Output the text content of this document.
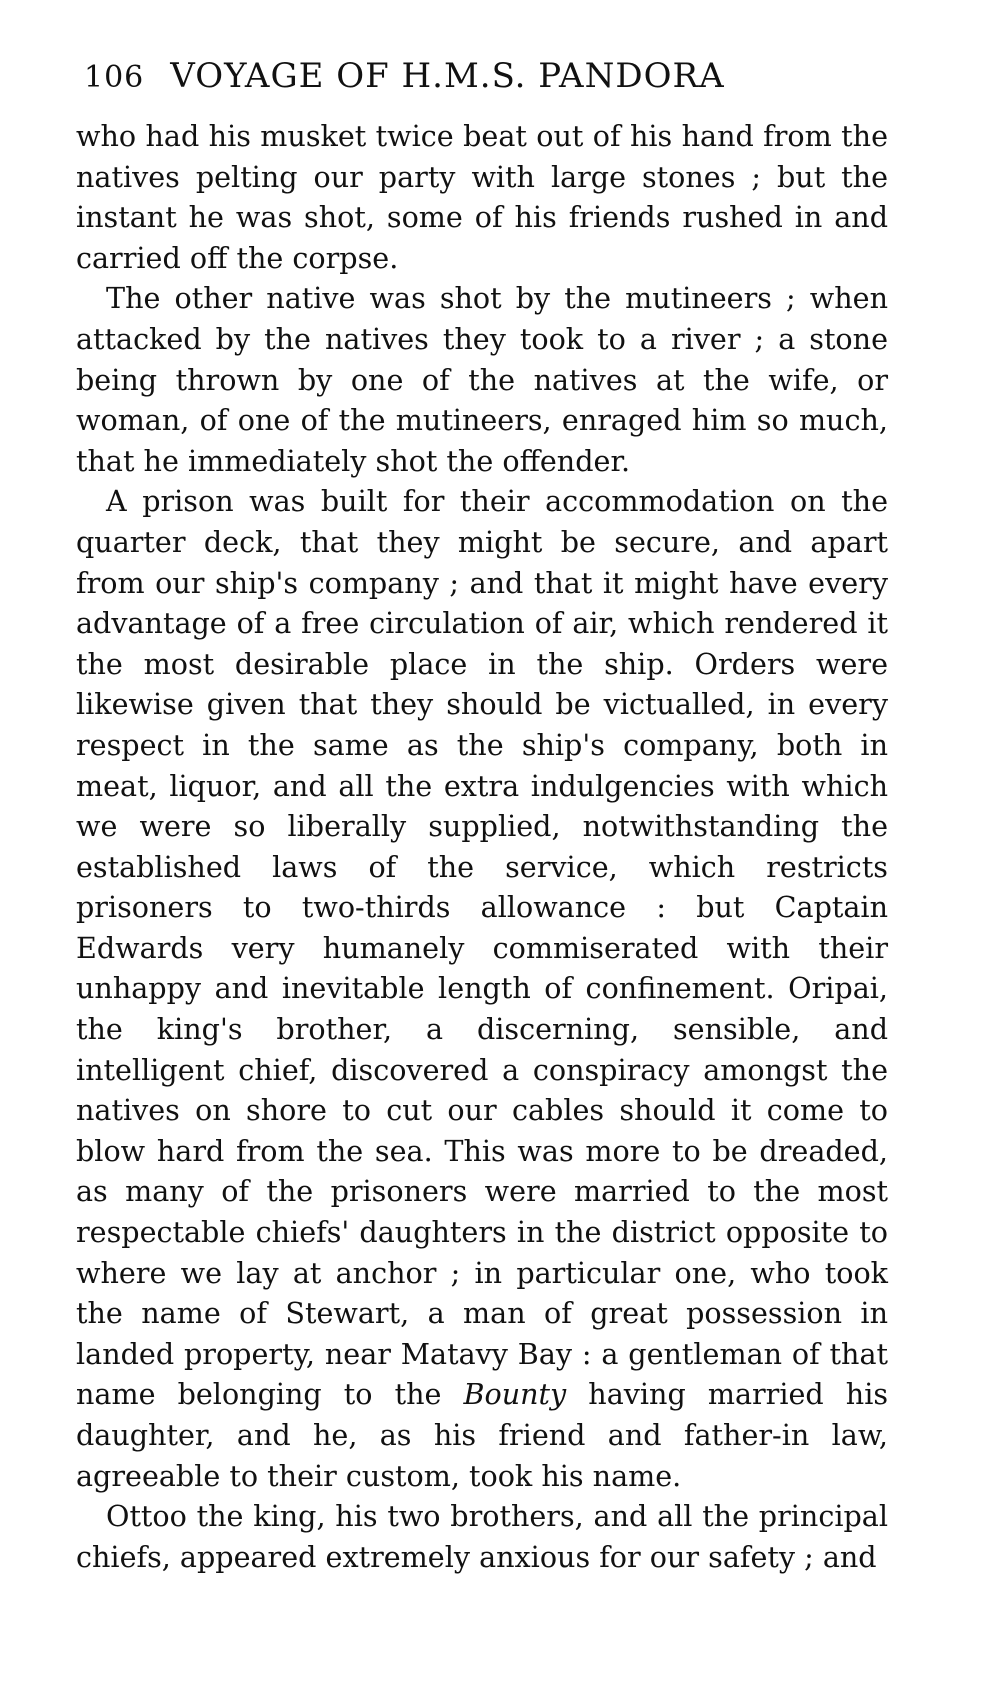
106 VOYAGE OF H.M.S. PANDORA

who had his musket twice beat out of his hand from the natives pelting our party with large stones ; but the instant he was shot, some of his friends rushed in and carried off the corpse.

The other native was shot by the mutineers ; when attacked by the natives they took to a river ; a stone being thrown by one of the natives at the wife, or woman, of one of the mutineers, enraged him so much, that he immediately shot the offender.

A prison was built for their accommodation on the quarter deck, that they might be secure, and apart from our ship's company ; and that it might have every advantage of a free circulation of air, which rendered it the most desirable place in the ship. Orders were likewise given that they should be victualled, in every respect in the same as the ship's company, both in meat, liquor, and all the extra indulgencies with which we were so liberally supplied, notwithstanding the established laws of the service, which restricts prisoners to two-thirds allowance : but Captain Edwards very humanely commiserated with their unhappy and inevitable length of confinement. Oripai, the king's brother, a discerning, sensible, and intelligent chief, discovered a conspiracy amongst the natives on shore to cut our cables should it come to blow hard from the sea. This was more to be dreaded, as many of the prisoners were married to the most respectable chiefs' daughters in the district opposite to where we lay at anchor ; in particular one, who took the name of Stewart, a man of great possession in landed property, near Matavy Bay : a gentleman of that name belonging to the Bounty having married his daughter, and he, as his friend and father-in law, agreeable to their custom, took his name.

Ottoo the king, his two brothers, and all the principal chiefs, appeared extremely anxious for our safety ; and
